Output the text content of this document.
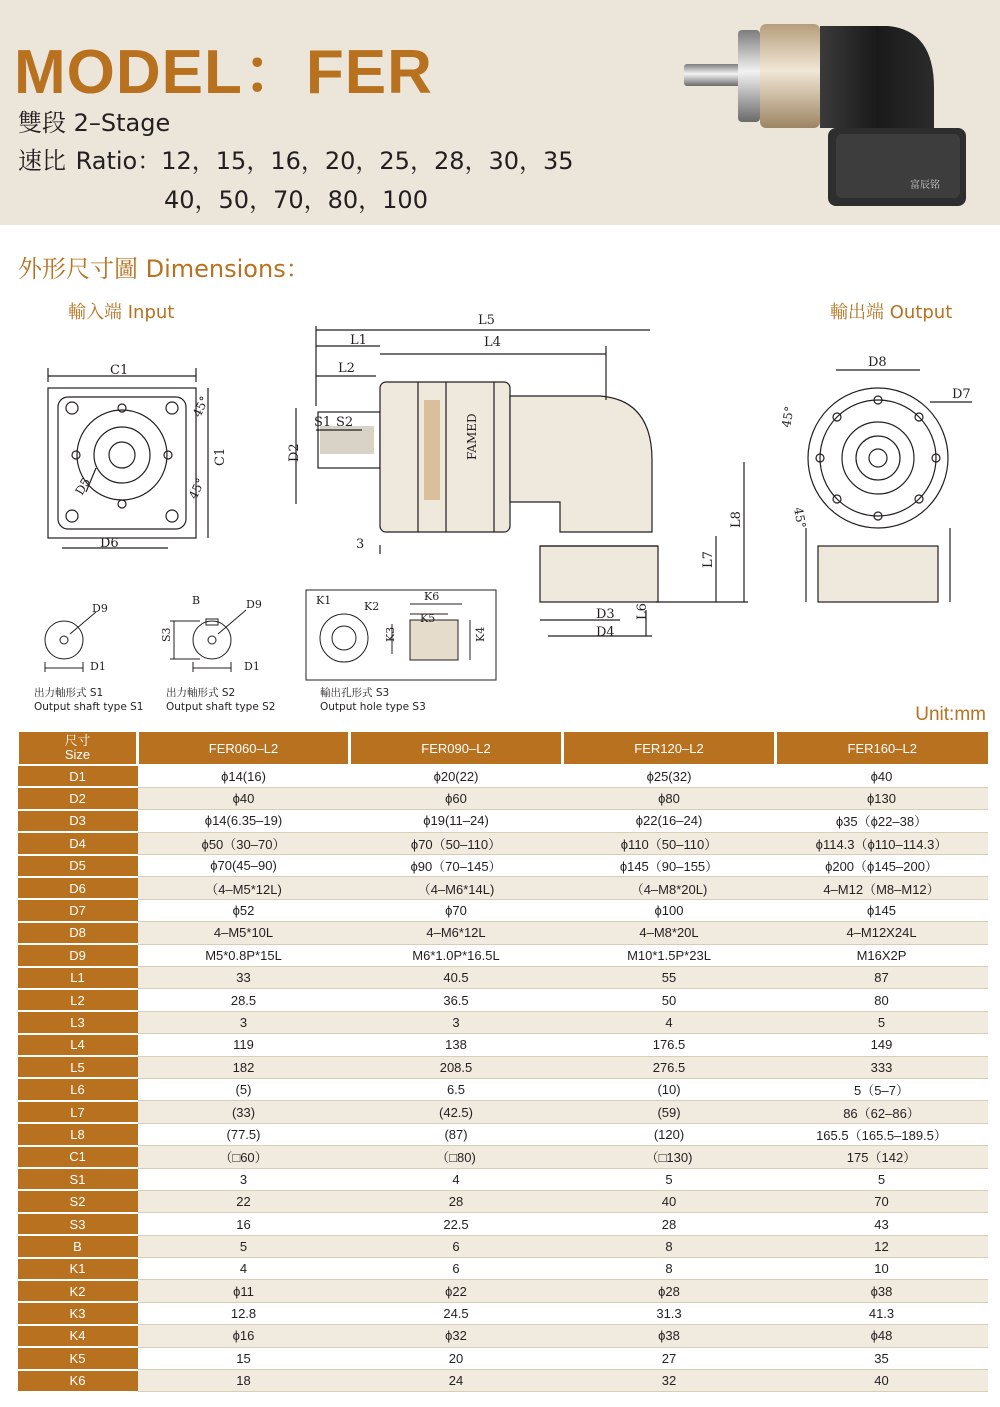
MODEL：FER
雙段 2–Stage
速比 Ratio：12，15，16，20，25，28，30，35
40，50，70，80，100
富辰铭
外形尺寸圖 Dimensions：
輸入端 Input	輸出端 Output
C1
C1
45°
45°
D5
D6
FAMED
L5
L1	L4
L2
S1 S2
D2
3
D3
D4
L6
L7
L8
D8
D7
45°
45°
D9
D1
B	D9
S3
D1
K1	K2
K3	K4
K5
K6
出力軸形式 S1
Output shaft type S1
出力軸形式 S2
Output shaft type S2
輸出孔形式 S3
Output hole type S3	Unit:mm
尺寸
Size	FER060–L2	FER090–L2	FER120–L2	FER160–L2
D1	ϕ14(16)	ϕ20(22)	ϕ25(32)	ϕ40
D2	ϕ40	ϕ60	ϕ80	ϕ130
D3	ϕ14(6.35–19)	ϕ19(11–24)	ϕ22(16–24)	ϕ35（ϕ22–38）
D4	ϕ50（30–70）	ϕ70（50–110）	ϕ110（50–110）	ϕ114.3（ϕ110–114.3）
D5	ϕ70(45–90)	ϕ90（70–145）	ϕ145（90–155）	ϕ200（ϕ145–200）
D6	（4–M5*12L)	（4–M6*14L)	（4–M8*20L)	4–M12（M8–M12）
D7	ϕ52	ϕ70	ϕ100	ϕ145
D8	4–M5*10L	4–M6*12L	4–M8*20L	4–M12X24L
D9	M5*0.8P*15L	M6*1.0P*16.5L	M10*1.5P*23L	M16X2P
L1	33	40.5	55	87
L2	28.5	36.5	50	80
L3	3	3	4	5
L4	119	138	176.5	149
L5	182	208.5	276.5	333
L6	(5)	6.5	(10)	5（5–7）
L7	(33)	(42.5)	(59)	86（62–86）
L8	(77.5)	(87)	(120)	165.5（165.5–189.5）
C1	（□60）	（□80)	（□130)	175（142）
S1	3	4	5	5
S2	22	28	40	70
S3	16	22.5	28	43
B	5	6	8	12
K1	4	6	8	10
K2	ϕ11	ϕ22	ϕ28	ϕ38
K3	12.8	24.5	31.3	41.3
K4	ϕ16	ϕ32	ϕ38	ϕ48
K5	15	20	27	35
K6	18	24	32	40
